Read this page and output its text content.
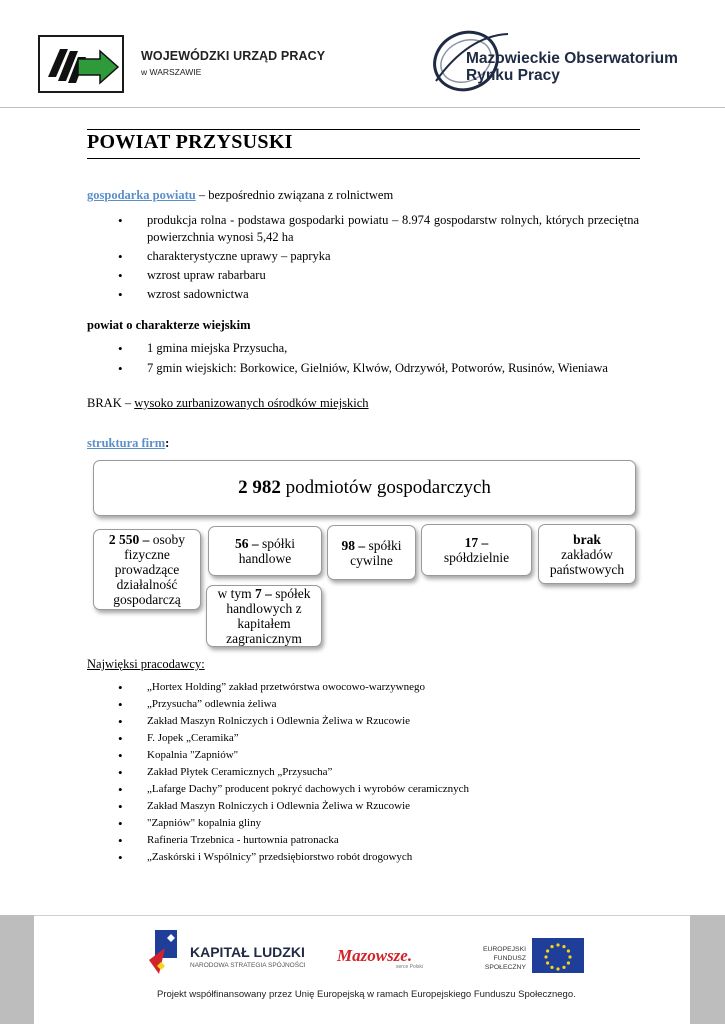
WOJEWÓDZKI URZĄD PRACY
w WARSZAWIE
Mazowieckie Obserwatorium
Rynku Pracy
POWIAT PRZYSUSKI
gospodarka powiatu – bezpośrednio związana z rolnictwem
• produkcja rolna - podstawa gospodarki powiatu – 8.974 gospodarstw rolnych, których przeciętna powierzchnia wynosi 5,42 ha
• charakterystyczne uprawy – papryka
• wzrost upraw rabarbaru
• wzrost sadownictwa
powiat o charakterze wiejskim
• 1 gmina miejska Przysucha,
• 7 gmin wiejskich: Borkowice, Gielniów, Klwów, Odrzywół, Potworów, Rusinów, Wieniawa
BRAK – wysoko zurbanizowanych ośrodków miejskich
struktura firm:
2 982 podmiotów gospodarczych
2 550 – osoby fizyczne prowadzące działalność gospodarczą
56 – spółki handlowe
w tym 7 – spółek handlowych z kapitałem zagranicznym
98 – spółki cywilne
17 –
spółdzielnie
brak
zakładów państwowych
Najwięksi pracodawcy:
• „Hortex Holding” zakład przetwórstwa owocowo-warzywnego
• „Przysucha” odlewnia żeliwa
• Zakład Maszyn Rolniczych i Odlewnia Żeliwa w Rzucowie
• F. Jopek „Ceramika”
• Kopalnia "Zapniów"
• Zakład Płytek Ceramicznych „Przysucha”
• „Lafarge Dachy” producent pokryć dachowych i wyrobów ceramicznych
• Zakład Maszyn Rolniczych i Odlewnia Żeliwa w Rzucowie
• "Zapniów" kopalnia gliny
• Rafineria Trzebnica - hurtownia patronacka
• „Zaskórski i Wspólnicy” przedsiębiorstwo robót drogowych
KAPITAŁ LUDZKI
NARODOWA STRATEGIA SPÓJNOŚCI
Mazowsze.
serce Polski
EUROPEJSKI
FUNDUSZ SPOŁECZNY
Projekt współfinansowany przez Unię Europejską w ramach Europejskiego Funduszu Społecznego.
